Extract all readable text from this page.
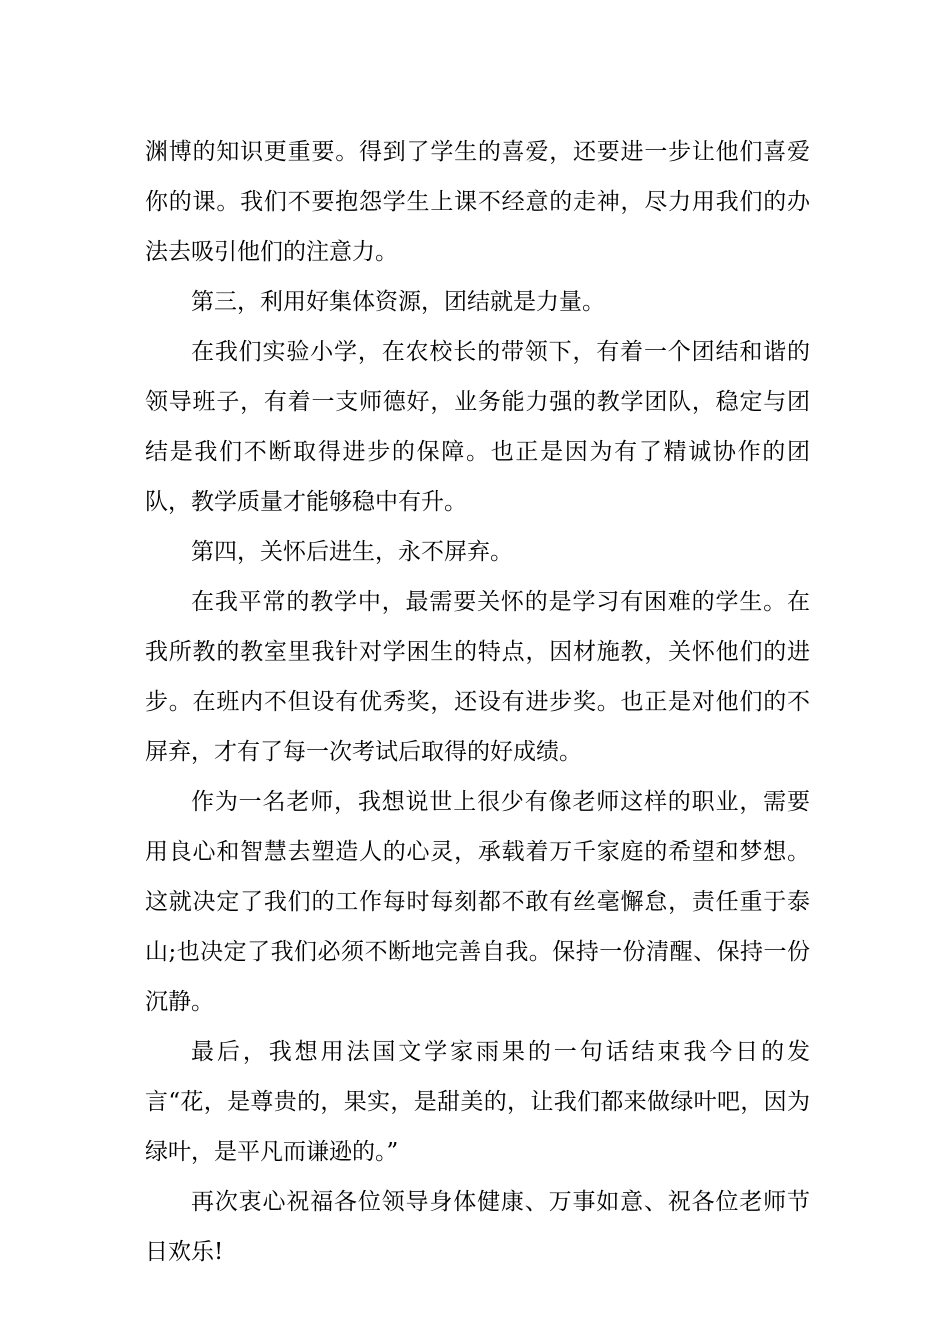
渊博的知识更重要。得到了学生的喜爱，还要进一步让他们喜爱你的课。我们不要抱怨学生上课不经意的走神，尽力用我们的办法去吸引他们的注意力。

第三，利用好集体资源，团结就是力量。

在我们实验小学，在农校长的带领下，有着一个团结和谐的领导班子，有着一支师德好，业务能力强的教学团队，稳定与团结是我们不断取得进步的保障。也正是因为有了精诚协作的团队，教学质量才能够稳中有升。

第四，关怀后进生，永不屏弃。

在我平常的教学中，最需要关怀的是学习有困难的学生。在我所教的教室里我针对学困生的特点，因材施教，关怀他们的进步。在班内不但设有优秀奖，还设有进步奖。也正是对他们的不屏弃，才有了每一次考试后取得的好成绩。

作为一名老师，我想说世上很少有像老师这样的职业，需要用良心和智慧去塑造人的心灵，承载着万千家庭的希望和梦想。这就决定了我们的工作每时每刻都不敢有丝毫懈怠，责任重于泰山;也决定了我们必须不断地完善自我。保持一份清醒、保持一份沉静。

最后，我想用法国文学家雨果的一句话结束我今日的发言“花，是尊贵的，果实，是甜美的，让我们都来做绿叶吧，因为绿叶，是平凡而谦逊的。”

再次衷心祝福各位领导身体健康、万事如意、祝各位老师节日欢乐!
